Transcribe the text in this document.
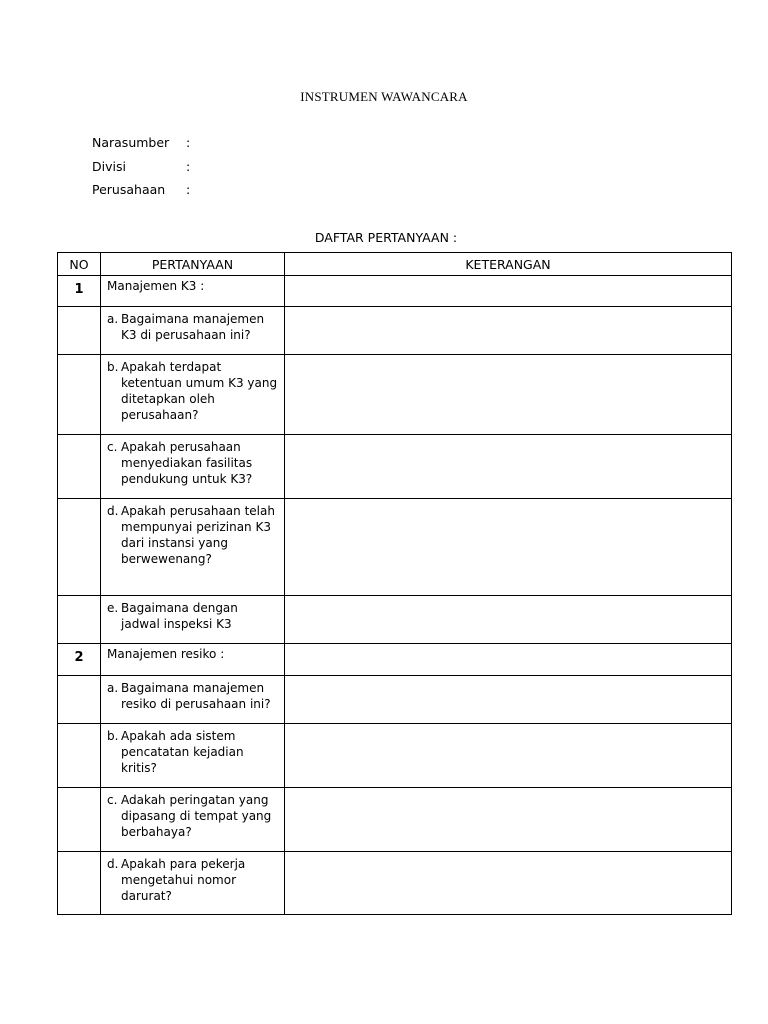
INSTRUMEN WAWANCARA
Narasumber :
Divisi	:
Perusahaan :
DAFTAR PERTANYAAN :
NO	PERTANYAAN	KETERANGAN
1	Manajemen K3 :	

	a. Bagaimana manajemen K3 di perusahaan ini?	

	b. Apakah terdapat ketentuan umum K3 yang ditetapkan oleh perusahaan?	

	c. Apakah perusahaan menyediakan fasilitas pendukung untuk K3?	

	d. Apakah perusahaan telah mempunyai perizinan K3 dari instansi yang berwewenang?	

	e. Bagaimana dengan jadwal inspeksi K3	

2	Manajemen resiko :	

	a. Bagaimana manajemen resiko di perusahaan ini?	

	b. Apakah ada sistem pencatatan kejadian kritis?	

	c. Adakah peringatan yang dipasang di tempat yang berbahaya?	

	d. Apakah para pekerja mengetahui nomor darurat?	
